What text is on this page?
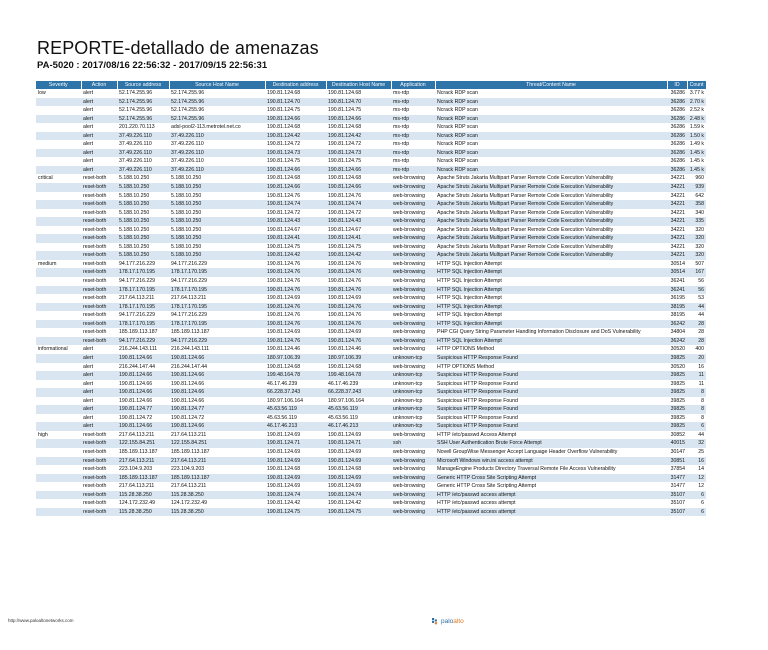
REPORTE-detallado de amenazas
PA-5020 : 2017/08/16 22:56:32 - 2017/09/15 22:56:31
Severity	Action	Source address	Source Host Name	Destination address	Destination Host Name	Application	Threat/Content Name	ID	Count
low	alert	52.174.255.96	52.174.255.96	190.81.124.68	190.81.124.68	ms-rdp	Ncrack RDP scan	36286	3.77 k
	alert	52.174.255.96	52.174.255.96	190.81.124.70	190.81.124.70	ms-rdp	Ncrack RDP scan	36286	2.70 k
	alert	52.174.255.96	52.174.255.96	190.81.124.75	190.81.124.75	ms-rdp	Ncrack RDP scan	36286	2.52 k
	alert	52.174.255.96	52.174.255.96	190.81.124.66	190.81.124.66	ms-rdp	Ncrack RDP scan	36286	2.48 k
	alert	201.220.70.113	adsl-pool2-113.metrotel.net.co	190.81.124.68	190.81.124.68	ms-rdp	Ncrack RDP scan	36286	1.59 k
	alert	37.49.226.110	37.49.226.110	190.81.124.42	190.81.124.42	ms-rdp	Ncrack RDP scan	36286	1.50 k
	alert	37.49.226.110	37.49.226.110	190.81.124.72	190.81.124.72	ms-rdp	Ncrack RDP scan	36286	1.49 k
	alert	37.49.226.110	37.49.226.110	190.81.124.73	190.81.124.73	ms-rdp	Ncrack RDP scan	36286	1.45 k
	alert	37.49.226.110	37.49.226.110	190.81.124.75	190.81.124.75	ms-rdp	Ncrack RDP scan	36286	1.45 k
	alert	37.49.226.110	37.49.226.110	190.81.124.66	190.81.124.66	ms-rdp	Ncrack RDP scan	36286	1.45 k
critical	reset-both	5.188.10.250	5.188.10.250	190.81.124.68	190.81.124.68	web-browsing	Apache Struts Jakarta Multipart Parser Remote Code Execution Vulnerability	34221	960
	reset-both	5.188.10.250	5.188.10.250	190.81.124.66	190.81.124.66	web-browsing	Apache Struts Jakarta Multipart Parser Remote Code Execution Vulnerability	34221	939
	reset-both	5.188.10.250	5.188.10.250	190.81.124.76	190.81.124.76	web-browsing	Apache Struts Jakarta Multipart Parser Remote Code Execution Vulnerability	34221	642
	reset-both	5.188.10.250	5.188.10.250	190.81.124.74	190.81.124.74	web-browsing	Apache Struts Jakarta Multipart Parser Remote Code Execution Vulnerability	34221	358
	reset-both	5.188.10.250	5.188.10.250	190.81.124.72	190.81.124.72	web-browsing	Apache Struts Jakarta Multipart Parser Remote Code Execution Vulnerability	34221	340
	reset-both	5.188.10.250	5.188.10.250	190.81.124.43	190.81.124.43	web-browsing	Apache Struts Jakarta Multipart Parser Remote Code Execution Vulnerability	34221	335
	reset-both	5.188.10.250	5.188.10.250	190.81.124.67	190.81.124.67	web-browsing	Apache Struts Jakarta Multipart Parser Remote Code Execution Vulnerability	34221	320
	reset-both	5.188.10.250	5.188.10.250	190.81.124.41	190.81.124.41	web-browsing	Apache Struts Jakarta Multipart Parser Remote Code Execution Vulnerability	34221	320
	reset-both	5.188.10.250	5.188.10.250	190.81.124.75	190.81.124.75	web-browsing	Apache Struts Jakarta Multipart Parser Remote Code Execution Vulnerability	34221	320
	reset-both	5.188.10.250	5.188.10.250	190.81.124.42	190.81.124.42	web-browsing	Apache Struts Jakarta Multipart Parser Remote Code Execution Vulnerability	34221	320
medium	reset-both	94.177.216.229	94.177.216.229	190.81.124.76	190.81.124.76	web-browsing	HTTP SQL Injection Attempt	30514	507
	reset-both	178.17.170.195	178.17.170.195	190.81.124.76	190.81.124.76	web-browsing	HTTP SQL Injection Attempt	30514	167
	reset-both	94.177.216.229	94.177.216.229	190.81.124.76	190.81.124.76	web-browsing	HTTP SQL Injection Attempt	36241	56
	reset-both	178.17.170.195	178.17.170.195	190.81.124.76	190.81.124.76	web-browsing	HTTP SQL Injection Attempt	36241	56
	reset-both	217.64.113.211	217.64.113.211	190.81.124.69	190.81.124.69	web-browsing	HTTP SQL Injection Attempt	36195	53
	reset-both	178.17.170.195	178.17.170.195	190.81.124.76	190.81.124.76	web-browsing	HTTP SQL Injection Attempt	38195	44
	reset-both	94.177.216.229	94.177.216.229	190.81.124.76	190.81.124.76	web-browsing	HTTP SQL Injection Attempt	38195	44
	reset-both	178.17.170.195	178.17.170.195	190.81.124.76	190.81.124.76	web-browsing	HTTP SQL Injection Attempt	36242	28
	reset-both	185.189.113.187	185.189.113.187	190.81.124.69	190.81.124.69	web-browsing	PHP CGI Query String Parameter Handling Information Disclosure and DoS Vulnerability	34804	28
	reset-both	94.177.216.229	94.177.216.229	190.81.124.76	190.81.124.76	web-browsing	HTTP SQL Injection Attempt	36242	28
informational	alert	216.244.143.111	216.244.143.111	190.81.124.46	190.81.124.46	web-browsing	HTTP OPTIONS Method	30520	400
	alert	190.81.124.66	190.81.124.66	180.97.106.39	180.97.106.39	unknown-tcp	Suspicious HTTP Response Found	39825	20
	alert	216.244.147.44	216.244.147.44	190.81.124.68	190.81.124.68	web-browsing	HTTP OPTIONS Method	30520	16
	alert	190.81.124.66	190.81.124.66	199.48.164.78	199.48.164.78	unknown-tcp	Suspicious HTTP Response Found	39825	11
	alert	190.81.124.66	190.81.124.66	46.17.46.239	46.17.46.239	unknown-tcp	Suspicious HTTP Response Found	39825	11
	alert	190.81.124.66	190.81.124.66	66.228.37.243	66.228.37.243	unknown-tcp	Suspicious HTTP Response Found	39825	8
	alert	190.81.124.66	190.81.124.66	180.97.106.164	180.97.106.164	unknown-tcp	Suspicious HTTP Response Found	39825	8
	alert	190.81.124.77	190.81.124.77	45.63.56.119	45.63.56.119	unknown-tcp	Suspicious HTTP Response Found	39825	8
	alert	190.81.124.72	190.81.124.72	45.63.56.119	45.63.56.119	unknown-tcp	Suspicious HTTP Response Found	39825	8
	alert	190.81.124.66	190.81.124.66	46.17.46.213	46.17.46.213	unknown-tcp	Suspicious HTTP Response Found	39825	6
high	reset-both	217.64.113.211	217.64.113.211	190.81.124.69	190.81.124.69	web-browsing	HTTP /etc/passwd Access Attempt	30852	44
	reset-both	122.155.84.251	122.155.84.251	190.81.124.71	190.81.124.71	ssh	SSH User Authentication Brute Force Attempt	40015	32
	reset-both	185.189.113.187	185.189.113.187	190.81.124.69	190.81.124.69	web-browsing	Novell GroupWise Messenger Accept Language Header Overflow Vulnerability	30147	25
	reset-both	217.64.113.211	217.64.113.211	190.81.124.69	190.81.124.69	web-browsing	Microsoft Windows win.ini access attempt	30851	16
	reset-both	223.104.9.203	223.104.9.203	190.81.124.68	190.81.124.68	web-browsing	ManageEngine Products Directory Traversal Remote File Access Vulnerability	37854	14
	reset-both	185.189.113.187	185.189.113.187	190.81.124.69	190.81.124.69	web-browsing	Generic HTTP Cross Site Scripting Attempt	31477	12
	reset-both	217.64.113.211	217.64.113.211	190.81.124.69	190.81.124.69	web-browsing	Generic HTTP Cross Site Scripting Attempt	31477	12
	reset-both	115.28.38.250	115.28.38.250	190.81.124.74	190.81.124.74	web-browsing	HTTP /etc/passwd access attempt	35107	6
	reset-both	124.172.232.49	124.172.232.49	190.81.124.42	190.81.124.42	web-browsing	HTTP /etc/passwd access attempt	35107	6
	reset-both	115.28.38.250	115.28.38.250	190.81.124.75	190.81.124.75	web-browsing	HTTP /etc/passwd access attempt	35107	6
http://www.paloaltonetworks.com	paloalto
